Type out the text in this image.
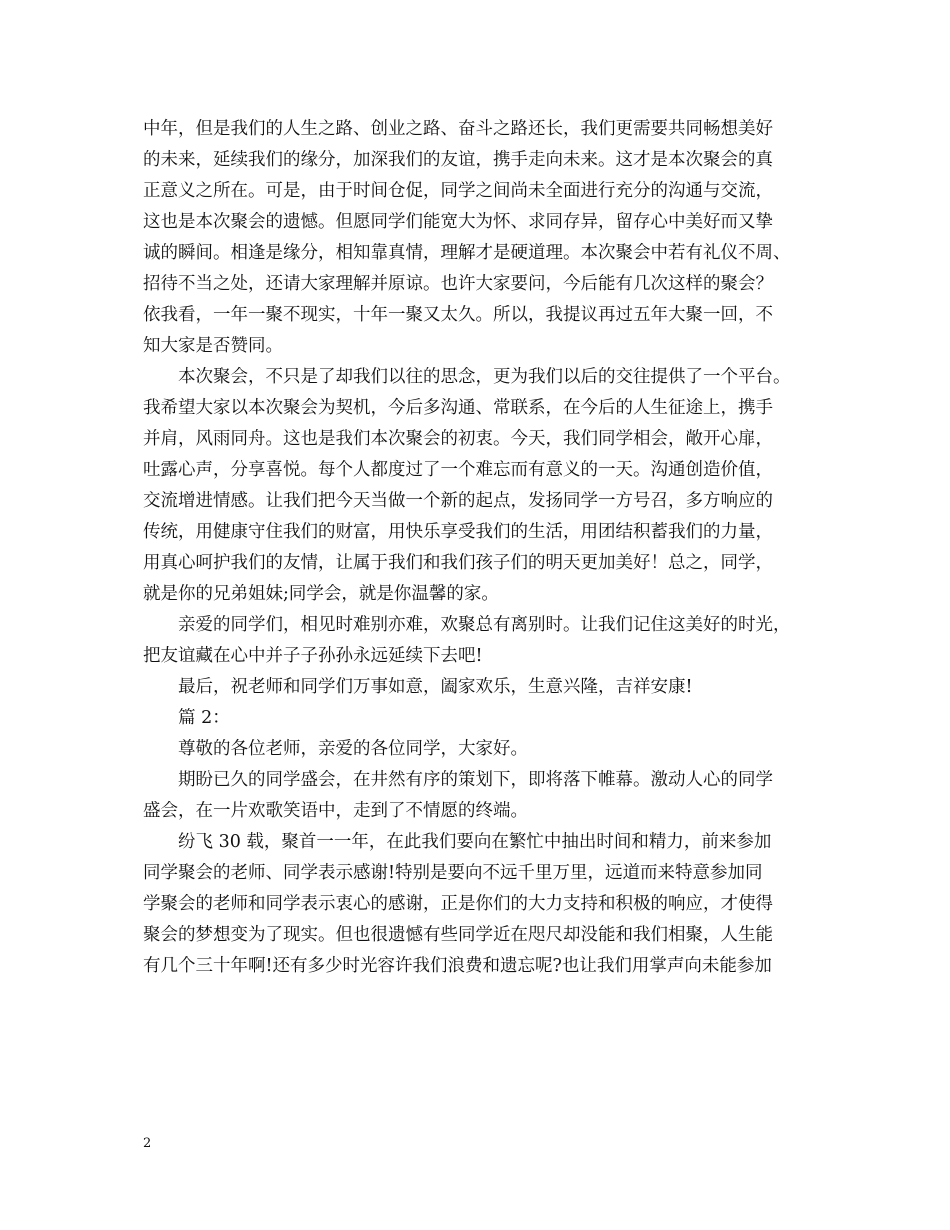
中年，但是我们的人生之路、创业之路、奋斗之路还长，我们更需要共同畅想美好
的未来，延续我们的缘分，加深我们的友谊，携手走向未来。这才是本次聚会的真
正意义之所在。可是，由于时间仓促，同学之间尚未全面进行充分的沟通与交流，
这也是本次聚会的遗憾。但愿同学们能宽大为怀、求同存异，留存心中美好而又挚
诚的瞬间。相逢是缘分，相知靠真情，理解才是硬道理。本次聚会中若有礼仪不周、
招待不当之处，还请大家理解并原谅。也许大家要问，今后能有几次这样的聚会？
依我看，一年一聚不现实，十年一聚又太久。所以，我提议再过五年大聚一回，不
知大家是否赞同。
本次聚会，不只是了却我们以往的思念，更为我们以后的交往提供了一个平台。
我希望大家以本次聚会为契机，今后多沟通、常联系，在今后的人生征途上，携手
并肩，风雨同舟。这也是我们本次聚会的初衷。今天，我们同学相会，敞开心扉，
吐露心声，分享喜悦。每个人都度过了一个难忘而有意义的一天。沟通创造价值，
交流增进情感。让我们把今天当做一个新的起点，发扬同学一方号召，多方响应的
传统，用健康守住我们的财富，用快乐享受我们的生活，用团结积蓄我们的力量，
用真心呵护我们的友情，让属于我们和我们孩子们的明天更加美好！总之，同学，
就是你的兄弟姐妹;同学会，就是你温馨的家。
亲爱的同学们，相见时难别亦难，欢聚总有离别时。让我们记住这美好的时光，
把友谊藏在心中并子子孙孙永远延续下去吧!
最后，祝老师和同学们万事如意，阖家欢乐，生意兴隆，吉祥安康!
篇 2：
尊敬的各位老师，亲爱的各位同学，大家好。
期盼已久的同学盛会，在井然有序的策划下，即将落下帷幕。激动人心的同学
盛会，在一片欢歌笑语中，走到了不情愿的终端。
纷飞 30 载，聚首一一年，在此我们要向在繁忙中抽出时间和精力，前来参加
同学聚会的老师、同学表示感谢!特别是要向不远千里万里，远道而来特意参加同
学聚会的老师和同学表示衷心的感谢，正是你们的大力支持和积极的响应，才使得
聚会的梦想变为了现实。但也很遗憾有些同学近在咫尺却没能和我们相聚，人生能
有几个三十年啊!还有多少时光容许我们浪费和遗忘呢?也让我们用掌声向未能参加
2
